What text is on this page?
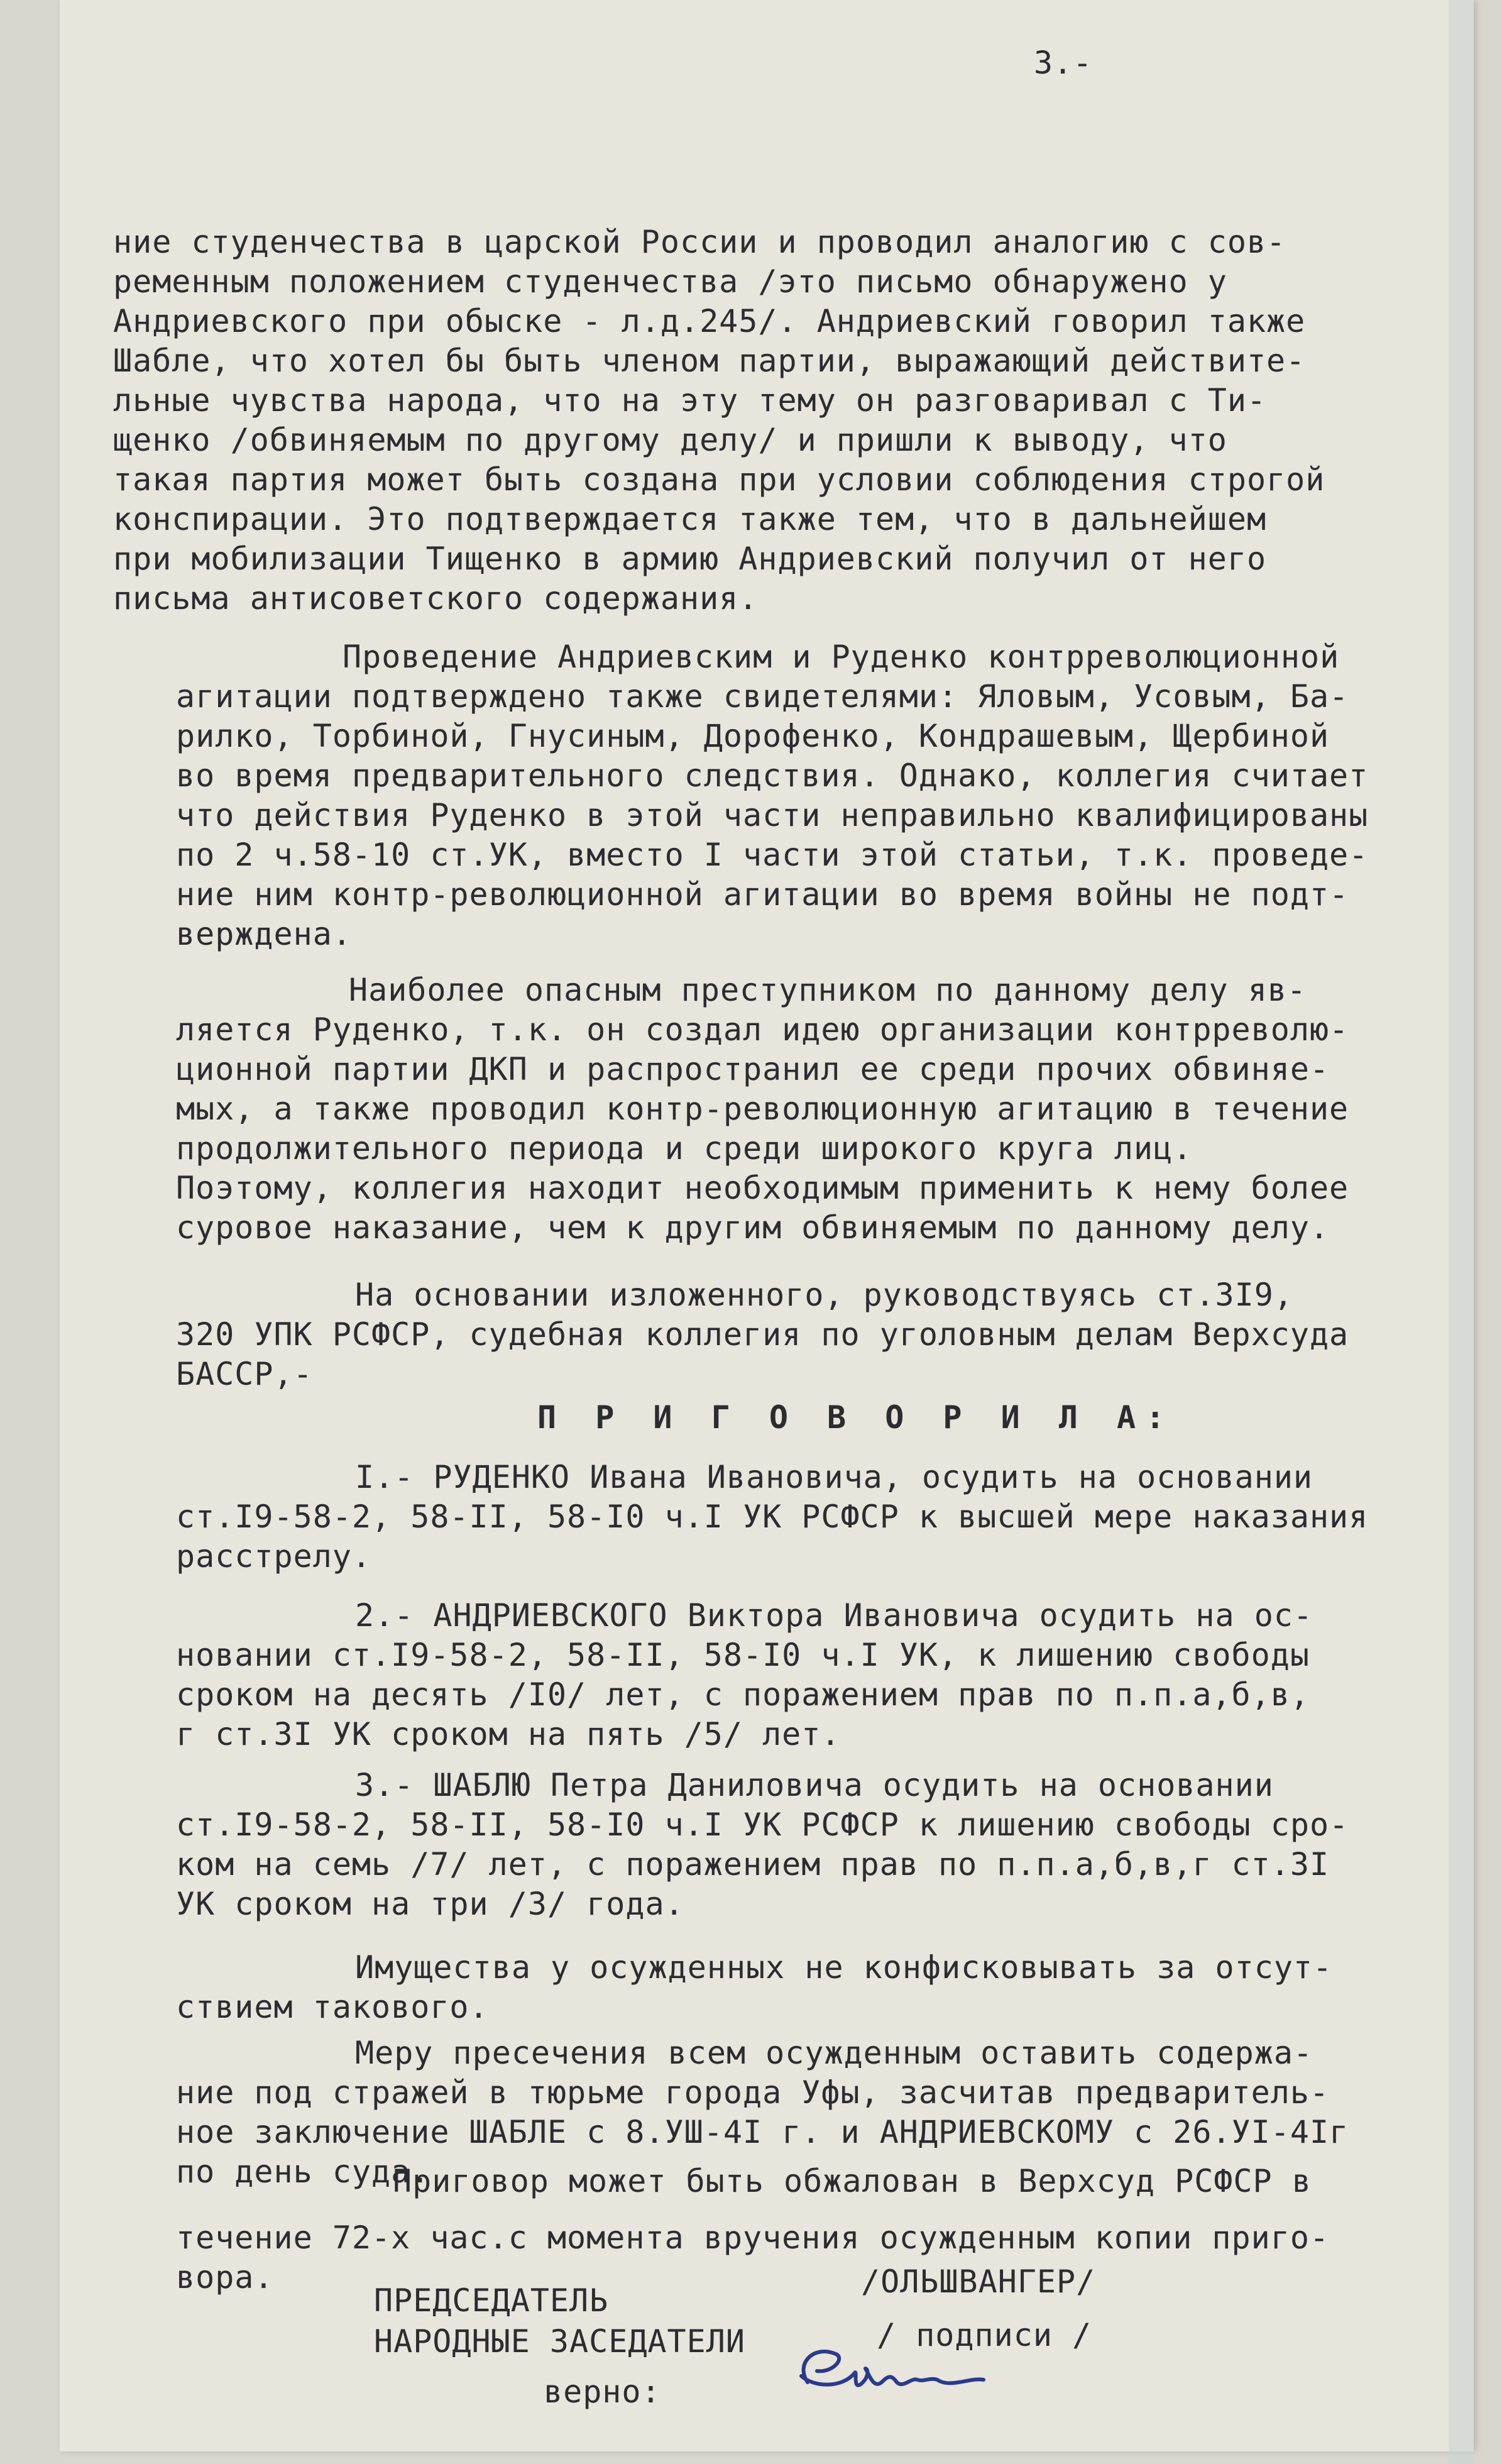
3.-

ние студенчества в царской России и проводил аналогию с сов-

ременным положением студенчества /это письмо обнаружено у

Андриевского при обыске - л.д.245/. Андриевский говорил также

Шабле, что хотел бы быть членом партии, выражающий действите-

льные чувства народа, что на эту тему он разговаривал с Ти-

щенко /обвиняемым по другому делу/ и пришли к выводу, что

такая партия может быть создана при условии соблюдения строгой

конспирации. Это подтверждается также тем, что в дальнейшем

при мобилизации Тищенко в армию Андриевский получил от него

письма антисоветского содержания.

Проведение Андриевским и Руденко контрреволюционной

агитации подтверждено также свидетелями: Яловым, Усовым, Ба-

рилко, Торбиной, Гнусиным, Дорофенко, Кондрашевым, Щербиной

во время предварительного следствия. Однако, коллегия считает

что действия Руденко в этой части неправильно квалифицированы

по 2 ч.58-10 ст.УК, вместо I части этой статьи, т.к. проведе-

ние ним контр-революционной агитации во время войны не подт-

верждена.

Наиболее опасным преступником по данному делу яв-

ляется Руденко, т.к. он создал идею организации контрреволю-

ционной партии ДКП и распространил ее среди прочих обвиняе-

мых, а также проводил контр-революционную агитацию в течение

продолжительного периода и среди широкого круга лиц.

Поэтому, коллегия находит необходимым применить к нему более

суровое наказание, чем к другим обвиняемым по данному делу.

На основании изложенного, руководствуясь ст.3I9,

320 УПК РСФСР, судебная коллегия по уголовным делам Верхсуда

БАССР,-

П Р И Г О В О Р И Л А:

I.- РУДЕНКО Ивана Ивановича, осудить на основании

ст.I9-58-2, 58-II, 58-I0 ч.I УК РСФСР к высшей мере наказания

расстрелу.

2.- АНДРИЕВСКОГО Виктора Ивановича осудить на ос-

новании ст.I9-58-2, 58-II, 58-I0 ч.I УК, к лишению свободы

сроком на десять /I0/ лет, с поражением прав по п.п.а,б,в,

г ст.3I УК сроком на пять /5/ лет.

3.- ШАБЛЮ Петра Даниловича осудить на основании

ст.I9-58-2, 58-II, 58-I0 ч.I УК РСФСР к лишению свободы сро-

ком на семь /7/ лет, с поражением прав по п.п.а,б,в,г ст.3I

УК сроком на три /3/ года.

Имущества у осужденных не конфисковывать за отсут-

ствием такового.

Меру пресечения всем осужденным оставить содержа-

ние под стражей в тюрьме города Уфы, засчитав предваритель-

ное заключение ШАБЛЕ с 8.УШ-4I г. и АНДРИЕВСКОМУ с 26.УI-4Iг

по день суда.

Приговор может быть обжалован в Верхсуд РСФСР в

течение 72-х час.с момента вручения осужденным копии приго-

вора.

ПРЕДСЕДАТЕЛЬ

/ОЛЬШВАНГЕР/

НАРОДНЫЕ ЗАСЕДАТЕЛИ	/ подписи /

верно:
